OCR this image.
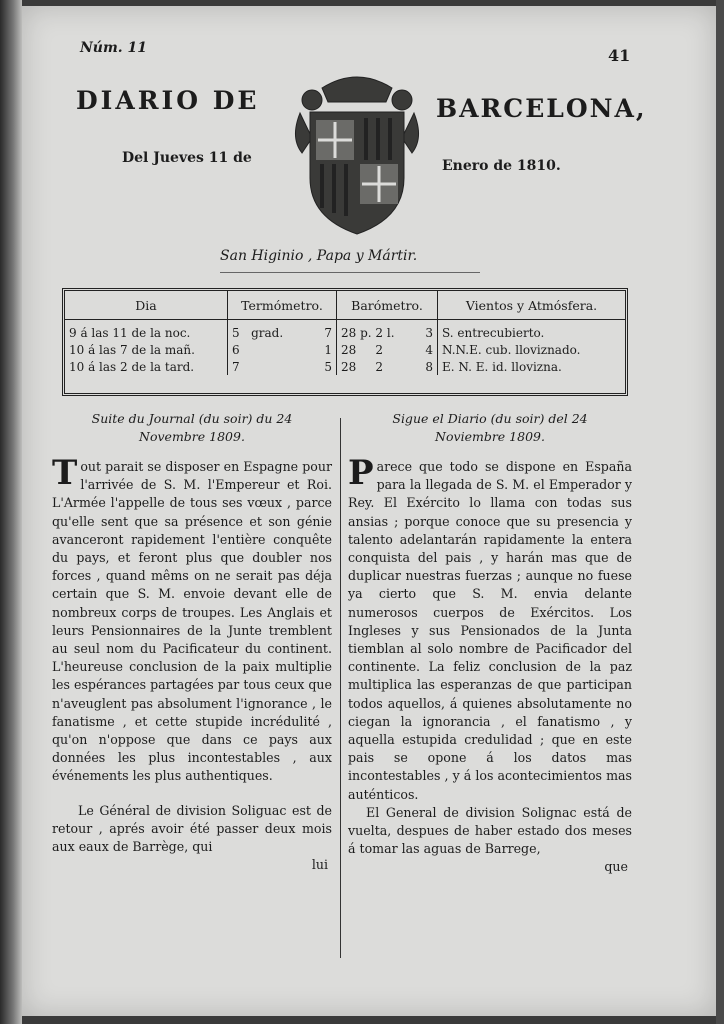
Núm. 11	41
DIARIO DE	BARCELONA,
Del Jueves 11 de	Enero de 1810.
San Higinio , Papa y Mártir.
Dia	Termómetro.	Barómetro.	Vientos y Atmósfera.
9 á las 11 de la noc.	5 grad. 7	28 p. 2 l. 3	S. entrecubierto.
10 á las 7 de la mañ.	6 1	28 2 4	N.N.E. cub. lloviznado.
10 á las 2 de la tard.	7 5	28 2 8	E. N. E. id. llovizna.
Suite du Journal (du soir) du 24
Novembre 1809.

Tout parait se disposer en Espagne pour l'arrivée de S. M. l'Empereur et Roi. L'Armée l'appelle de tous ses vœux , parce qu'elle sent que sa présence et son génie avanceront rapidement l'entière conquête du pays, et feront plus que doubler nos forces , quand mêms on ne serait pas déja certain que S. M. envoie devant elle de nombreux corps de troupes. Les Anglais et leurs Pensionnaires de la Junte tremblent au seul nom du Pacificateur du continent. L'heureuse conclusion de la paix multiplie les espérances partagées par tous ceux que n'aveuglent pas absolument l'ignorance , le fanatisme , et cette stupide incrédulité , qu'on n'oppose que dans ce pays aux données les plus incontestables , aux événements les plus authentiques.

Le Général de division Soliguac est de retour , aprés avoir été passer deux mois aux eaux de Barrège, qui

lui
Sigue el Diario (du soir) del 24
Noviembre 1809.

Parece que todo se dispone en España para la llegada de S. M. el Emperador y Rey. El Exército lo llama con todas sus ansias ; porque conoce que su presencia y talento adelantarán rapidamente la entera conquista del pais , y harán mas que de duplicar nuestras fuerzas ; aunque no fuese ya cierto que S. M. envia delante numerosos cuerpos de Exércitos. Los Ingleses y sus Pensionados de la Junta tiemblan al solo nombre de Pacificador del continente. La feliz conclusion de la paz multiplica las esperanzas de que participan todos aquellos, á quienes absolutamente no ciegan la ignorancia , el fanatismo , y aquella estupida credulidad ; que en este pais se opone á los datos mas incontestables , y á los acontecimientos mas auténticos.

El General de division Solignac está de vuelta, despues de haber estado dos meses á tomar las aguas de Barrege,

que
